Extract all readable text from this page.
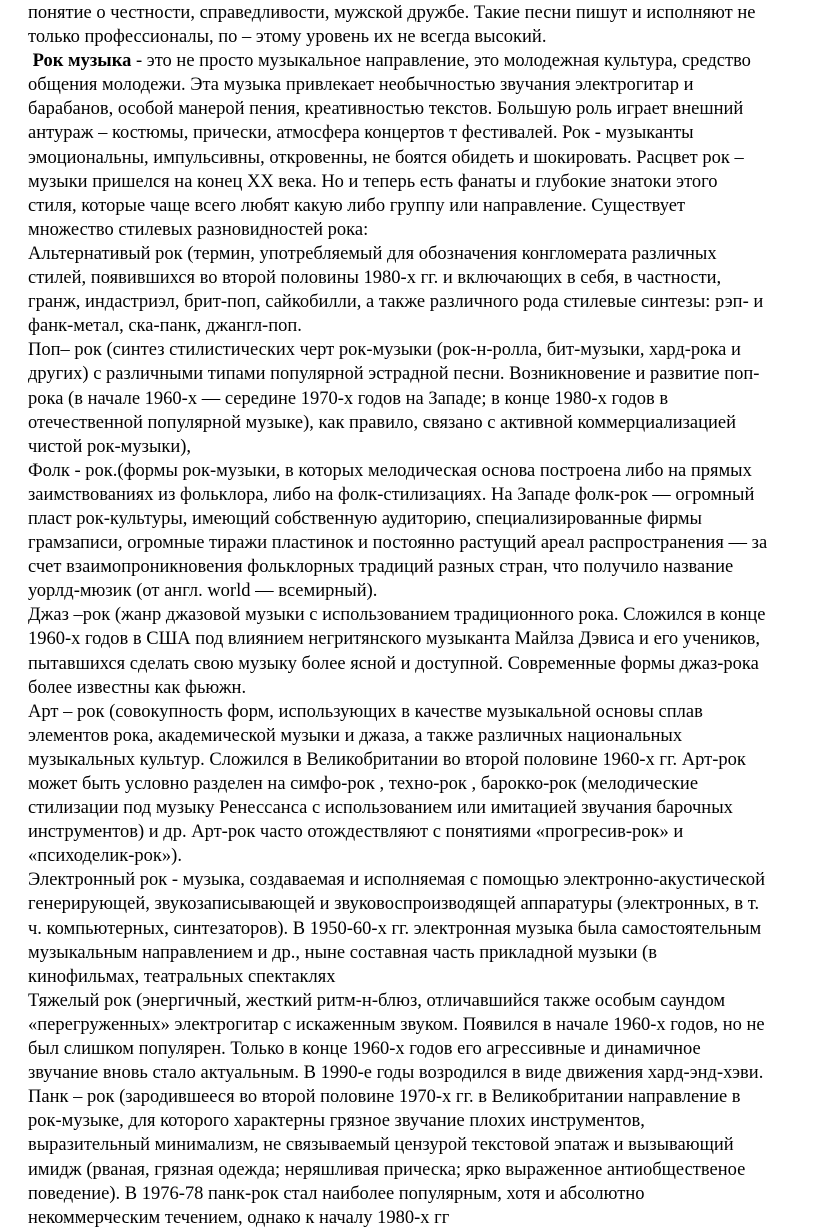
понятие о честности, справедливости, мужской дружбе. Такие песни пишут и исполняют не
только профессионалы, по – этому уровень их не всегда высокий.

Рок музыка - это не просто музыкальное направление, это молодежная культура, средство
общения молодежи. Эта музыка привлекает необычностью звучания электрогитар и
барабанов, особой манерой пения, креативностью текстов. Большую роль играет внешний
антураж – костюмы, прически, атмосфера концертов т фестивалей. Рок - музыканты
эмоциональны, импульсивны, откровенны, не боятся обидеть и шокировать. Расцвет рок –
музыки пришелся на конец XX века. Но и теперь есть фанаты и глубокие знатоки этого
стиля, которые чаще всего любят какую либо группу или направление. Существует
множество стилевых разновидностей рока:

Альтернативый рок (термин, употребляемый для обозначения конгломерата различных
стилей, появившихся во второй половины 1980-х гг. и включающих в себя, в частности,
гранж, индастриэл, брит-поп, сайкобилли, а также различного рода стилевые синтезы: рэп- и
фанк-метал, ска-панк, джангл-поп.

Поп– рок (синтез стилистических черт рок-музыки (рок-н-ролла, бит-музыки, хард-рока и
других) с различными типами популярной эстрадной песни. Возникновение и развитие поп-
рока (в начале 1960-х — середине 1970-х годов на Западе; в конце 1980-х годов в
отечественной популярной музыке), как правило, связано с активной коммерциализацией
чистой рок-музыки),

Фолк - рок.(формы рок-музыки, в которых мелодическая основа построена либо на прямых
заимствованиях из фольклора, либо на фолк-стилизациях. На Западе фолк-рок — огромный
пласт рок-культуры, имеющий собственную аудиторию, специализированные фирмы
грамзаписи, огромные тиражи пластинок и постоянно растущий ареал распространения — за
счет взаимопроникновения фольклорных традиций разных стран, что получило название
уорлд-мюзик (от англ. world — всемирный).

Джаз –рок (жанр джазовой музыки с использованием традиционного рока. Сложился в конце
1960-х годов в США под влиянием негритянского музыканта Майлза Дэвиса и его учеников,
пытавшихся сделать свою музыку более ясной и доступной. Современные формы джаз-рока
более известны как фьюжн.

Арт – рок (совокупность форм, использующих в качестве музыкальной основы сплав
элементов рока, академической музыки и джаза, а также различных национальных
музыкальных культур. Сложился в Великобритании во второй половине 1960-х гг. Арт-рок
может быть условно разделен на симфо-рок , техно-рок , барокко-рок (мелодические
стилизации под музыку Ренессанса с использованием или имитацией звучания барочных
инструментов) и др. Арт-рок часто отождествляют с понятиями «прогресив-рок» и
«психоделик-рок»).

Электронный рок - музыка, создаваемая и исполняемая с помощью электронно-акустической
генерирующей, звукозаписывающей и звуковоспроизводящей аппаратуры (электронных, в т.
ч. компьютерных, синтезаторов). В 1950-60-х гг. электронная музыка была самостоятельным
музыкальным направлением и др., ныне составная часть прикладной музыки (в
кинофильмах, театральных спектаклях

Тяжелый рок (энергичный, жесткий ритм-н-блюз, отличавшийся также особым саундом
«перегруженных» электрогитар с искаженным звуком. Появился в начале 1960-х годов, но не
был слишком популярен. Только в конце 1960-х годов его агрессивные и динамичное
звучание вновь стало актуальным. В 1990-е годы возродился в виде движения хард-энд-хэви.

Панк – рок (зародившееся во второй половине 1970-х гг. в Великобритании направление в
рок-музыке, для которого характерны грязное звучание плохих инструментов,
выразительный минимализм, не связываемый цензурой текстовой эпатаж и вызывающий
имидж (рваная, грязная одежда; неряшливая прическа; ярко выраженное антиобщественое
поведение). В 1976-78 панк-рок стал наиболее популярным, хотя и абсолютно
некоммерческим течением, однако к началу 1980-х гг
